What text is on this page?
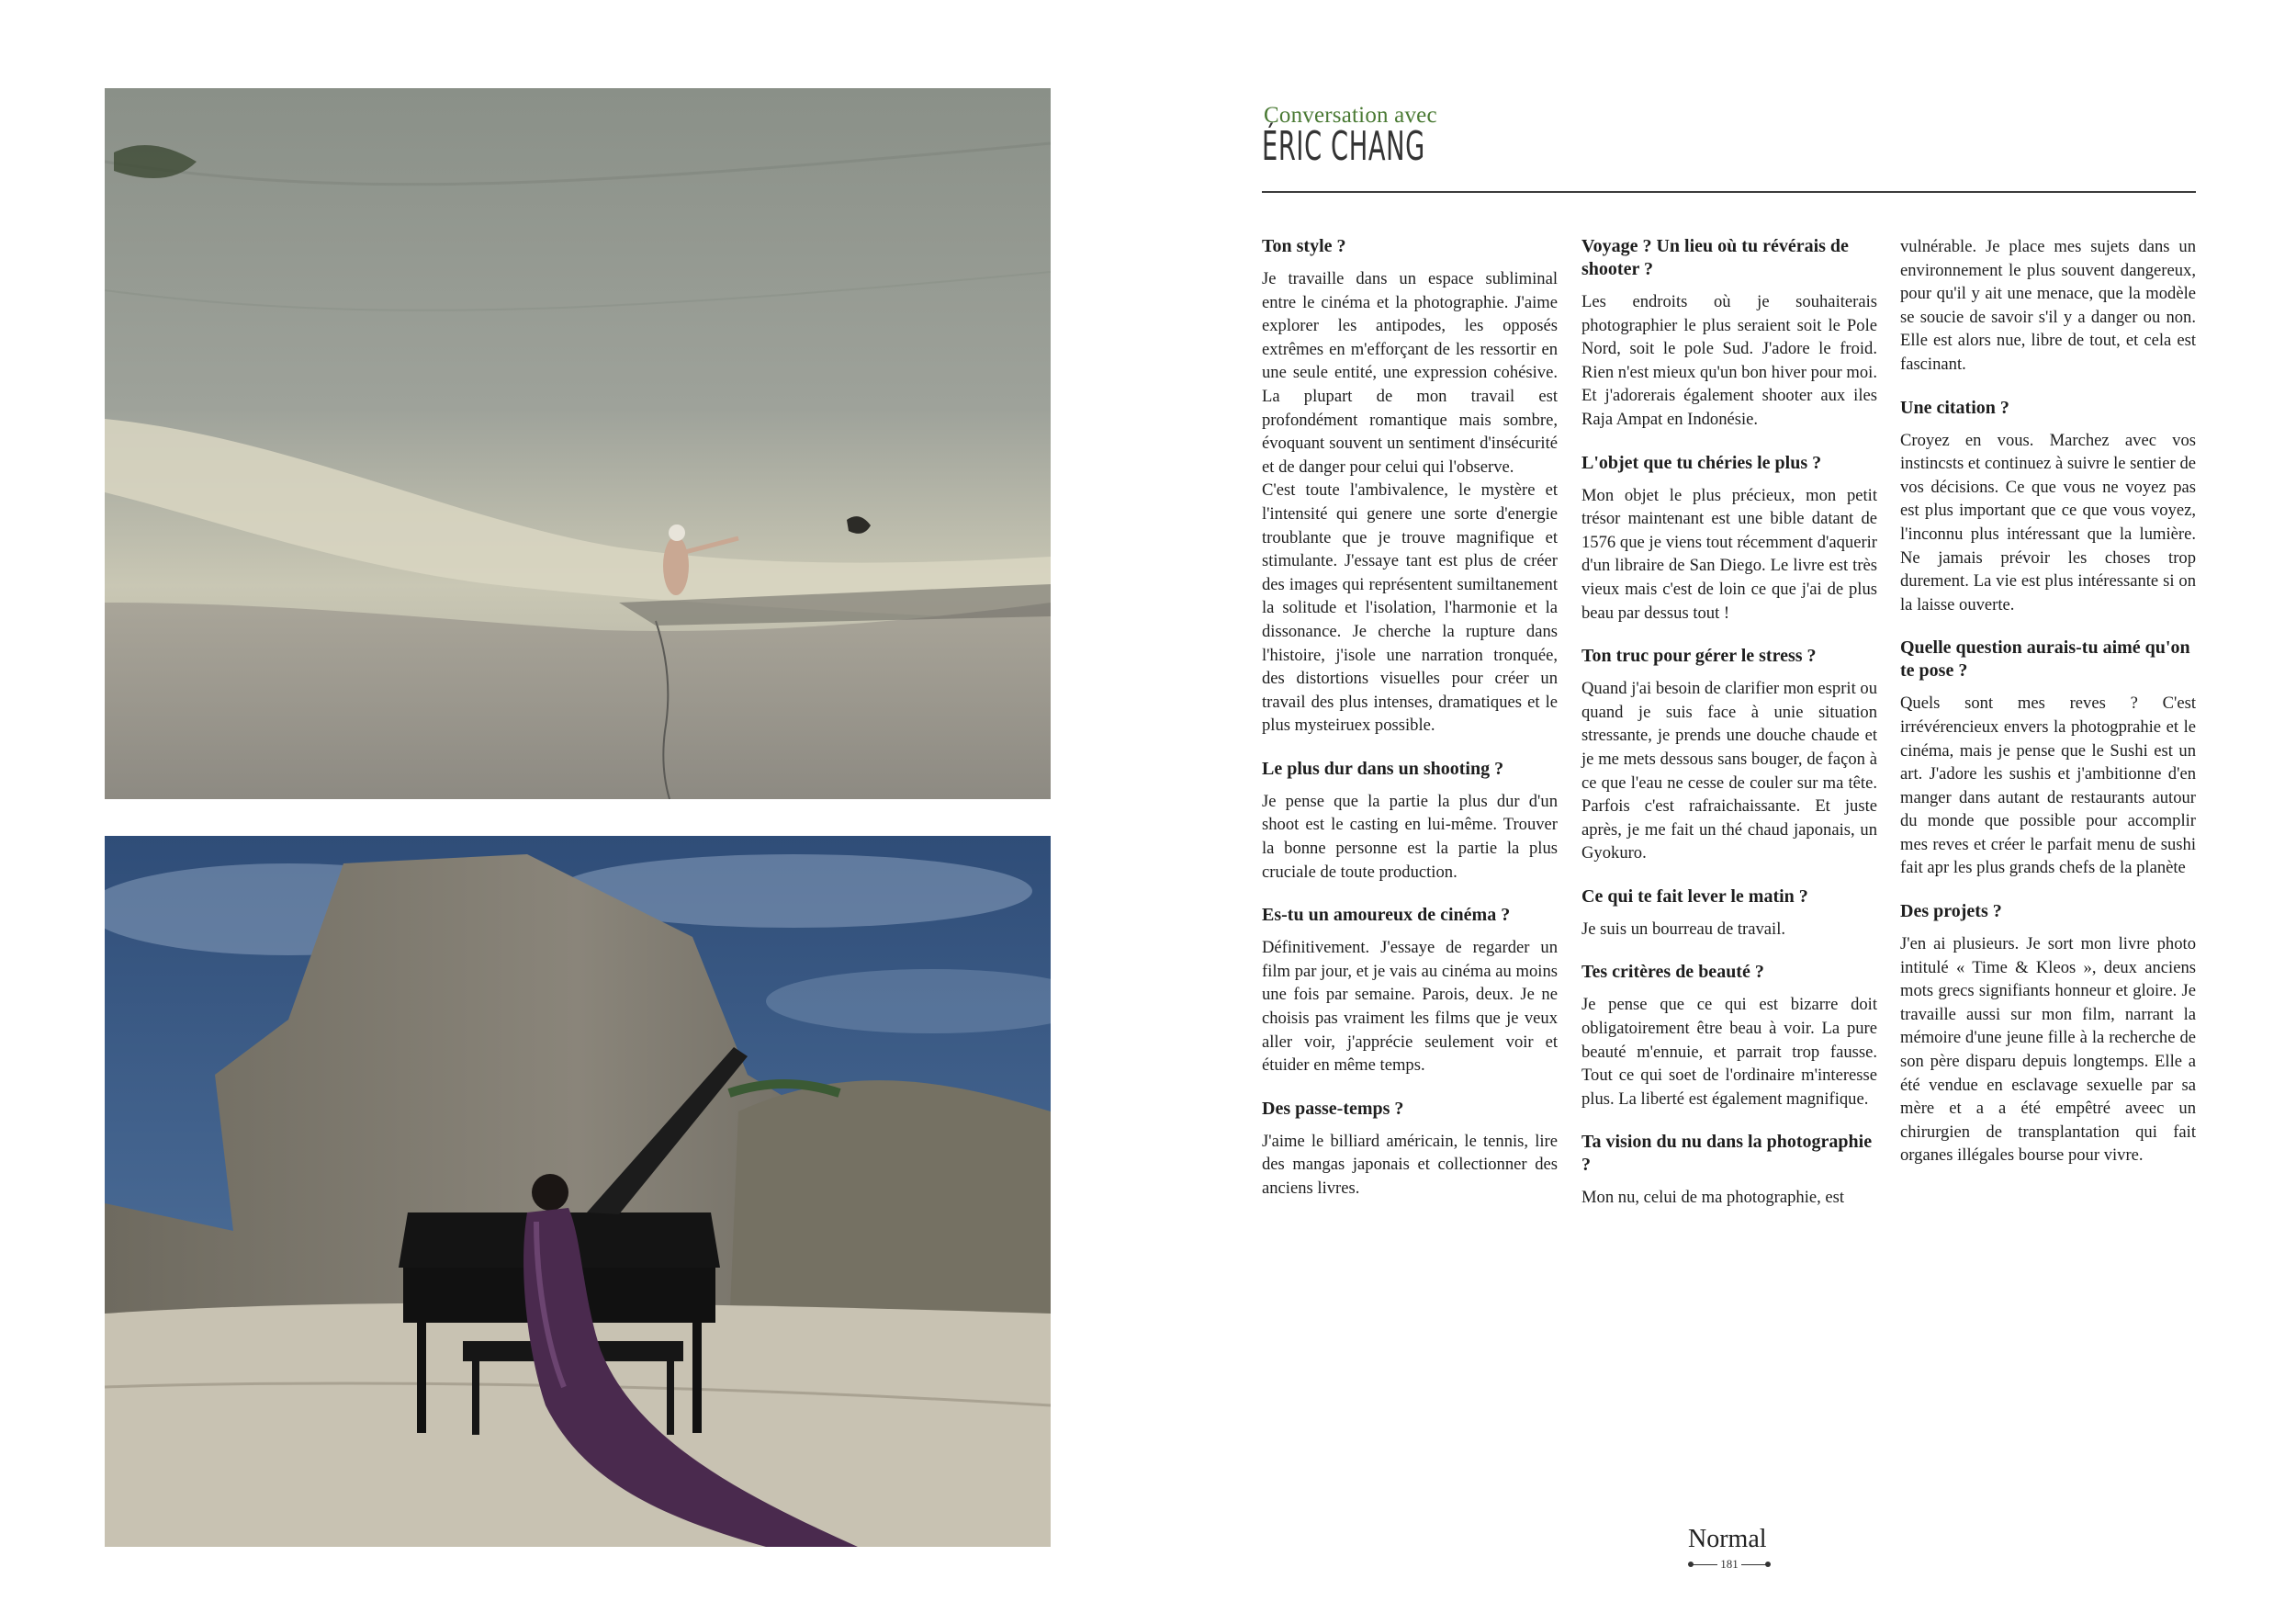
Conversation avec
ÉRIC CHANG
Ton style ?

Je travaille dans un espace subliminal entre le cinéma et la photographie. J'aime explorer les antipodes, les opposés extrêmes en m'efforçant de les ressortir en une seule entité, une expression cohésive. La plupart de mon travail est profondément romantique mais sombre, évoquant souvent un sentiment d'insécurité et de danger pour celui qui l'observe.

C'est toute l'ambivalence, le mystère et l'intensité qui genere une sorte d'energie troublante que je trouve magnifique et stimulante. J'essaye tant est plus de créer des images qui représentent sumiltanement la solitude et l'isolation, l'harmonie et la dissonance. Je cherche la rupture dans l'histoire, j'isole une narration tronquée, des distortions visuelles pour créer un travail des plus intenses, dramatiques et le plus mysteiruex possible.

Le plus dur dans un shooting ?

Je pense que la partie la plus dur d'un shoot est le casting en lui-même. Trouver la bonne personne est la partie la plus cruciale de toute production.

Es-tu un amoureux de cinéma ?

Définitivement. J'essaye de regarder un film par jour, et je vais au cinéma au moins une fois par semaine. Parois, deux. Je ne choisis pas vraiment les films que je veux aller voir, j'apprécie seulement voir et étuider en même temps.

Des passe-temps ?

J'aime le billiard américain, le tennis, lire des mangas japonais et collectionner des anciens livres.

Voyage ? Un lieu où tu révérais de shooter ?

Les endroits où je souhaiterais photographier le plus seraient soit le Pole Nord, soit le pole Sud. J'adore le froid. Rien n'est mieux qu'un bon hiver pour moi. Et j'adorerais également shooter aux iles Raja Ampat en Indonésie.

L'objet que tu chéries le plus ?

Mon objet le plus précieux, mon petit trésor maintenant est une bible datant de 1576 que je viens tout récemment d'aquerir d'un libraire de San Diego. Le livre est très vieux mais c'est de loin ce que j'ai de plus beau par dessus tout !

Ton truc pour gérer le stress ?

Quand j'ai besoin de clarifier mon esprit ou quand je suis face à unie situation stressante, je prends une douche chaude et je me mets dessous sans bouger, de façon à ce que l'eau ne cesse de couler sur ma tête. Parfois c'est rafraichaissante. Et juste après, je me fait un thé chaud japonais, un Gyokuro.

Ce qui te fait lever le matin ?

Je suis un bourreau de travail.

Tes critères de beauté ?

Je pense que ce qui est bizarre doit obligatoirement être beau à voir. La pure beauté m'ennuie, et parrait trop fausse. Tout ce qui soet de l'ordinaire m'interesse plus. La liberté est également magnifique.

Ta vision du nu dans la photographie ?

Mon nu, celui de ma photographie, est

vulnérable. Je place mes sujets dans un environnement le plus souvent dangereux, pour qu'il y ait une menace, que la modèle se soucie de savoir s'il y a danger ou non. Elle est alors nue, libre de tout, et cela est fascinant.

Une citation ?

Croyez en vous. Marchez avec vos instincsts et continuez à suivre le sentier de vos décisions. Ce que vous ne voyez pas est plus important que ce que vous voyez, l'inconnu plus intéressant que la lumière. Ne jamais prévoir les choses trop durement. La vie est plus intéressante si on la laisse ouverte.

Quelle question aurais-tu aimé qu'on te pose ?

Quels sont mes reves ? C'est irrévérencieux envers la photogprahie et le cinéma, mais je pense que le Sushi est un art. J'adore les sushis et j'ambitionne d'en manger dans autant de restaurants autour du monde que possible pour accomplir mes reves et créer le parfait menu de sushi fait apr les plus grands chefs de la planète

Des projets ?

J'en ai plusieurs. Je sort mon livre photo intitulé « Time & Kleos », deux anciens mots grecs signifiants honneur et gloire. Je travaille aussi sur mon film, narrant la mémoire d'une jeune fille à la recherche de son père disparu depuis longtemps. Elle a été vendue en esclavage sexuelle par sa mère et a a été empêtré aveec un chirurgien de transplantation qui fait organes illégales bourse pour vivre.

Normal
181
